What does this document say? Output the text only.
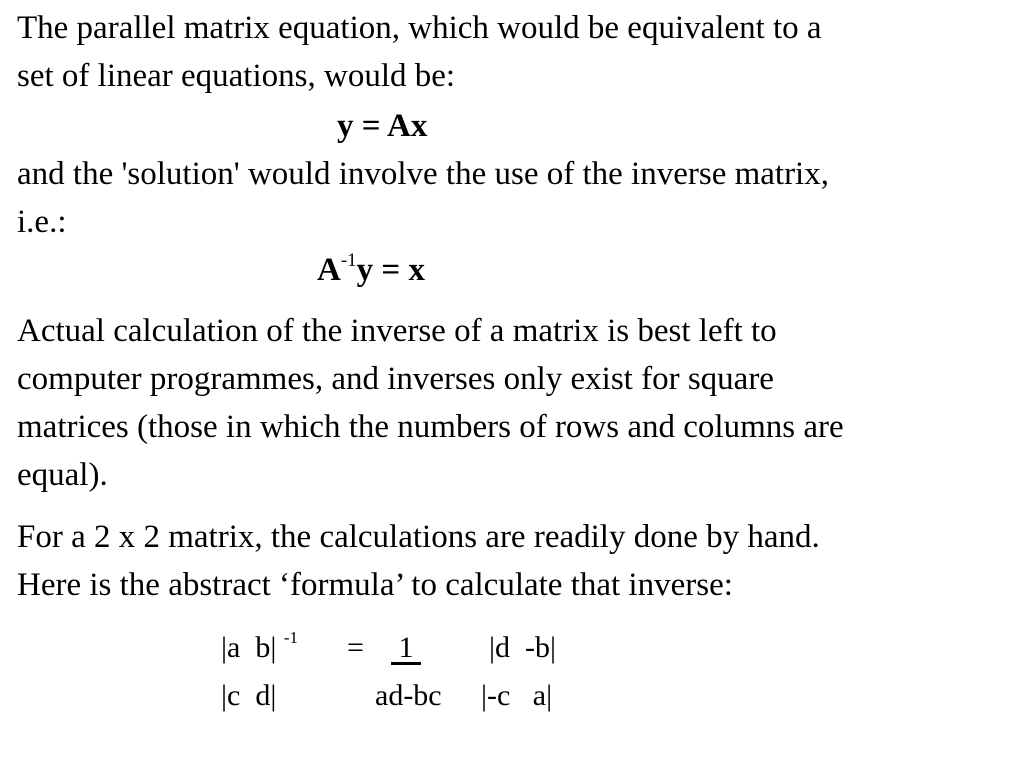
The parallel matrix equation, which would be equivalent to a
set of linear equations, would be:
y = Ax
and the 'solution' would involve the use of the inverse matrix,
i.e.:
$A^{-1}y = x$
Actual calculation of the inverse of a matrix is best left to
computer programmes, and inverses only exist for square
matrices (those in which the numbers of rows and columns are
equal).
For a 2 x 2 matrix, the calculations are readily done by hand.
Here is the abstract ‘formula’ to calculate that inverse:
|a  b| $^{-1}$ = 1 |d  -b|
|c  d|	ad-bc |-c   a|
